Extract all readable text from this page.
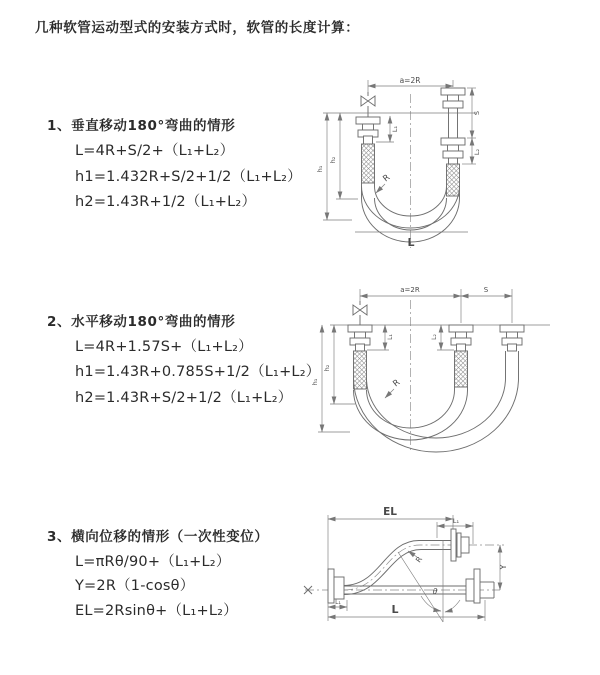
几种软管运动型式的安装方式时，软管的长度计算：
1、垂直移动180°弯曲的情形
L=4R+S/2+（L₁+L₂）
h1=1.432R+S/2+1/2（L₁+L₂）
h2=1.43R+1/2（L₁+L₂）
2、水平移动180°弯曲的情形
L=4R+1.57S+（L₁+L₂）
h1=1.43R+0.785S+1/2（L₁+L₂）
h2=1.43R+S/2+1/2（L₁+L₂）
3、横向位移的情形（一次性变位）
L=πRθ/90+（L₁+L₂）
Y=2R（1-cosθ）
EL=2Rsinθ+（L₁+L₂）
a=2R
L₁
S
L₂
h₁
h₂
R
L
a=2R	S
L₁	L₂
h₁
h₂
R
EL
L₁
Y
θ
R
L
L₁
